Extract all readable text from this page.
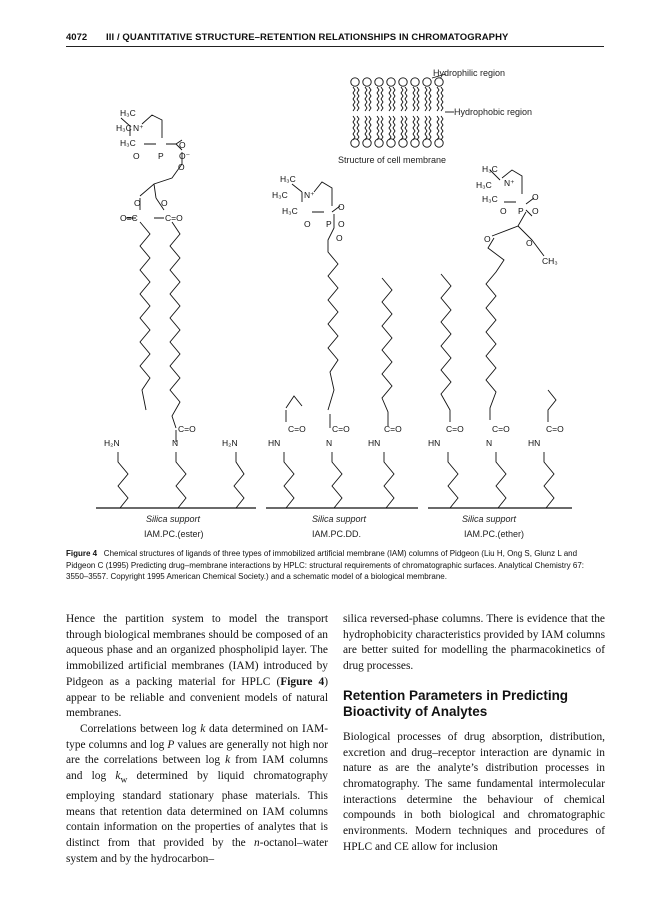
4072 III / QUANTITATIVE STRUCTURE–RETENTION RELATIONSHIPS IN CHROMATOGRAPHY
Hydrophilic region
Hydrophobic region
Structure of cell membrane
H₃C
H₃C N⁺
H₃C
O P
O
O⁻
O
O O
O=C	C=O
C=O
H₂N	N	H₂N
H₃C
H₃C N⁺
H₃C	O
O P O
O
C=O	C=O	C=O
HN	N	HN
H₃C
H₃C N⁺
H₃C	O
O P O
O	O
CH₃
C=O	C=O	C=O
HN	N	HN
Silica support	Silica support	Silica support
IAM.PC.(ester)	IAM.PC.DD.	IAM.PC.(ether)
Figure 4 Chemical structures of ligands of three types of immobilized artificial membrane (IAM) columns of Pidgeon (Liu H, Ong S, Glunz L and Pidgeon C (1995) Predicting drug–membrane interactions by HPLC: structural requirements of chromatographic surfaces. Analytical Chemistry 67: 3550–3557. Copyright 1995 American Chemical Society.) and a schematic model of a biological membrane.

Hence the partition system to model the transport through biological membranes should be composed of an aqueous phase and an organized phospholipid layer. The immobilized artificial membranes (IAM) introduced by Pidgeon as a packing material for HPLC (Figure 4) appear to be reliable and convenient models of natural membranes.

Correlations between log k data determined on IAM-type columns and log P values are generally not high nor are the correlations between log k from IAM columns and $\log k_w$ determined by liquid chromatography employing standard stationary phase materials. This means that retention data determined on IAM columns contain information on the properties of analytes that is distinct from that provided by the n-octanol–water system and by the hydrocarbon–

silica reversed-phase columns. There is evidence that the hydrophobicity characteristics provided by IAM columns are better suited for modelling the pharmacokinetics of drug processes.

Retention Parameters in Predicting Bioactivity of Analytes

Biological processes of drug absorption, distribution, excretion and drug–receptor interaction are dynamic in nature as are the analyte’s distribution processes in chromatography. The same fundamental intermolecular interactions determine the behaviour of chemical compounds in both biological and chromatographic environments. Modern techniques and procedures of HPLC and CE allow for inclusion
